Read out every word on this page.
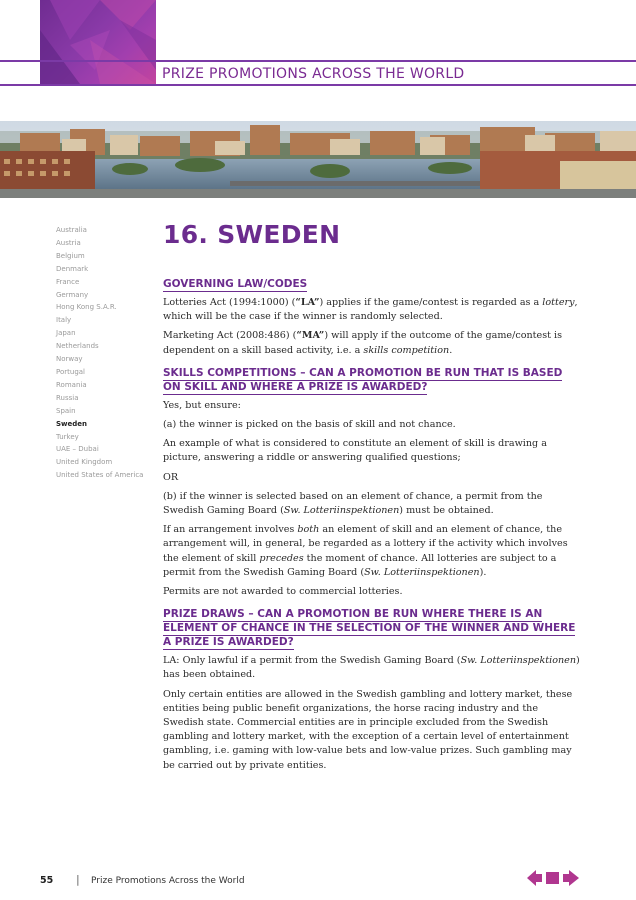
PRIZE PROMOTIONS ACROSS THE WORLD
Australia
Austria
Belgium
Denmark
France
Germany
Hong Kong S.A.R.
Italy
Japan
Netherlands
Norway
Portugal
Romania
Russia
Spain
Sweden
Turkey
UAE – Dubai
United Kingdom
United States of America
16. SWEDEN
GOVERNING LAW/CODES

Lotteries Act (1994:1000) (“LA”) applies if the game/contest is regarded as a lottery, which will be the case if the winner is randomly selected.

Marketing Act (2008:486) (“MA”) will apply if the outcome of the game/contest is dependent on a skill based activity, i.e. a skills competition.

SKILLS COMPETITIONS – CAN A PROMOTION BE RUN THAT IS BASED ON SKILL AND WHERE A PRIZE IS AWARDED?

Yes, but ensure:

(a) the winner is picked on the basis of skill and not chance.

An example of what is considered to constitute an element of skill is drawing a picture, answering a riddle or answering qualified questions;

OR

(b) if the winner is selected based on an element of chance, a permit from the Swedish Gaming Board (Sw. Lotteriinspektionen) must be obtained.

If an arrangement involves both an element of skill and an element of chance, the arrangement will, in general, be regarded as a lottery if the activity which involves the element of skill precedes the moment of chance. All lotteries are subject to a permit from the Swedish Gaming Board (Sw. Lotteriinspektionen).

Permits are not awarded to commercial lotteries.

PRIZE DRAWS – CAN A PROMOTION BE RUN WHERE THERE IS AN ELEMENT OF CHANCE IN THE SELECTION OF THE WINNER AND WHERE A PRIZE IS AWARDED?

LA: Only lawful if a permit from the Swedish Gaming Board (Sw. Lotteriinspektionen) has been obtained.

Only certain entities are allowed in the Swedish gambling and lottery market, these entities being public benefit organizations, the horse racing industry and the Swedish state. Commercial entities are in principle excluded from the Swedish gambling and lottery market, with the exception of a certain level of entertainment gambling, i.e. gaming with low-value bets and low-value prizes. Such gambling may be carried out by private entities.

55 | Prize Promotions Across the World
